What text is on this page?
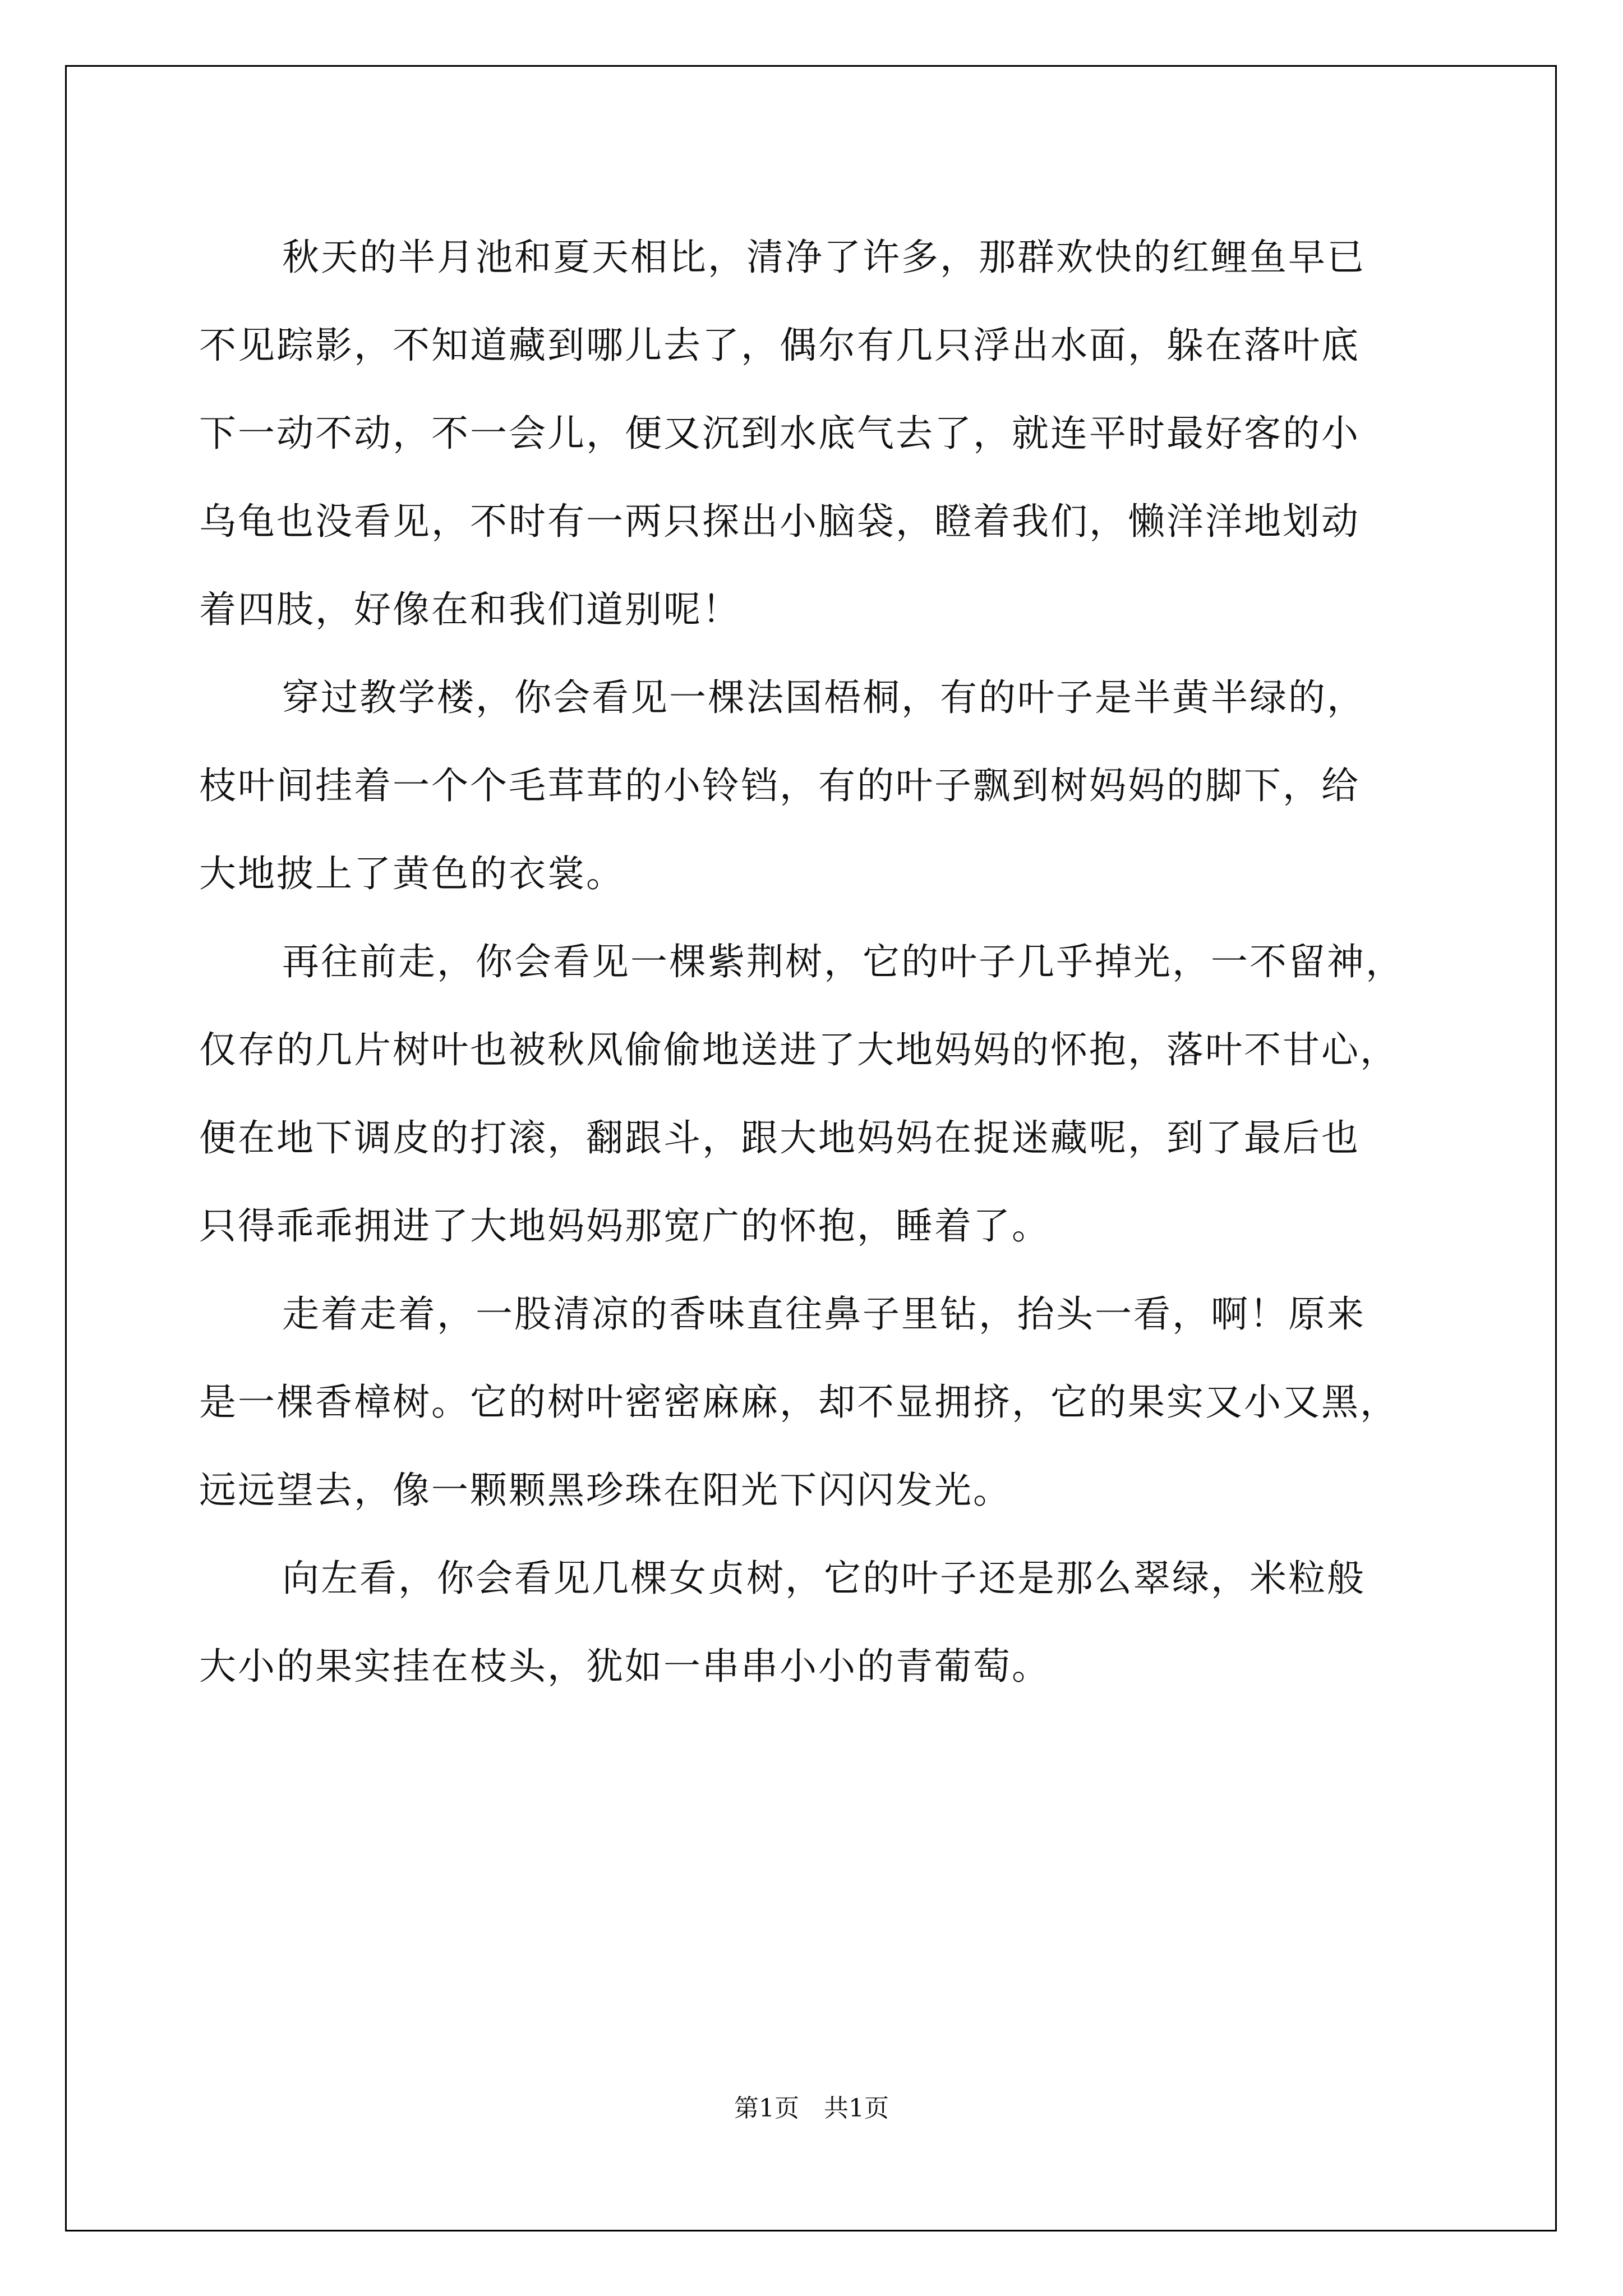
秋天的半月池和夏天相比，清净了许多，那群欢快的红鲤鱼早已
不见踪影，不知道藏到哪儿去了，偶尔有几只浮出水面，躲在落叶底
下一动不动，不一会儿，便又沉到水底气去了，就连平时最好客的小
乌龟也没看见，不时有一两只探出小脑袋，瞪着我们，懒洋洋地划动
着四肢，好像在和我们道别呢！
穿过教学楼，你会看见一棵法国梧桐，有的叶子是半黄半绿的，
枝叶间挂着一个个毛茸茸的小铃铛，有的叶子飘到树妈妈的脚下，给
大地披上了黄色的衣裳。
再往前走，你会看见一棵紫荆树，它的叶子几乎掉光，一不留神，
仅存的几片树叶也被秋风偷偷地送进了大地妈妈的怀抱，落叶不甘心，
便在地下调皮的打滚，翻跟斗，跟大地妈妈在捉迷藏呢，到了最后也
只得乖乖拥进了大地妈妈那宽广的怀抱，睡着了。
走着走着，一股清凉的香味直往鼻子里钻，抬头一看，啊！原来
是一棵香樟树。它的树叶密密麻麻，却不显拥挤，它的果实又小又黑，
远远望去，像一颗颗黑珍珠在阳光下闪闪发光。
向左看，你会看见几棵女贞树，它的叶子还是那么翠绿，米粒般
大小的果实挂在枝头，犹如一串串小小的青葡萄。
第1页　共1页
